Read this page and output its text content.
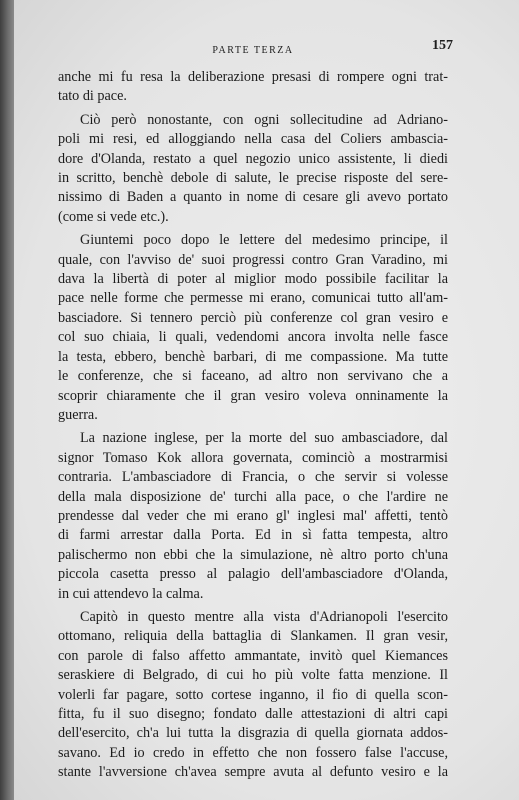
PARTE TERZA	157
anche mi fu resa la deliberazione presasi di rompere ogni trat-
tato di pace.
Ciò però nonostante, con ogni sollecitudine ad Adriano-
poli mi resi, ed alloggiando nella casa del Coliers ambascia-
dore d'Olanda, restato a quel negozio unico assistente, li diedi
in scritto, benchè debole di salute, le precise risposte del sere-
nissimo di Baden a quanto in nome di cesare gli avevo portato
(come si vede etc.).
Giuntemi poco dopo le lettere del medesimo principe, il
quale, con l'avviso de' suoi progressi contro Gran Varadino, mi
dava la libertà di poter al miglior modo possibile facilitar la
pace nelle forme che permesse mi erano, comunicai tutto all'am-
basciadore. Si tennero perciò più conferenze col gran vesiro e
col suo chiaia, li quali, vedendomi ancora involta nelle fasce
la testa, ebbero, benchè barbari, di me compassione. Ma tutte
le conferenze, che si faceano, ad altro non servivano che a
scoprir chiaramente che il gran vesiro voleva onninamente la
guerra.
La nazione inglese, per la morte del suo ambasciadore, dal
signor Tomaso Kok allora governata, cominciò a mostrarmisi
contraria. L'ambasciadore di Francia, o che servir si volesse
della mala disposizione de' turchi alla pace, o che l'ardire ne
prendesse dal veder che mi erano gl' inglesi mal' affetti, tentò
di farmi arrestar dalla Porta. Ed in sì fatta tempesta, altro
palischermo non ebbi che la simulazione, nè altro porto ch'una
piccola casetta presso al palagio dell'ambasciadore d'Olanda,
in cui attendevo la calma.
Capitò in questo mentre alla vista d'Adrianopoli l'esercito
ottomano, reliquia della battaglia di Slankamen. Il gran vesir,
con parole di falso affetto ammantate, invitò quel Kiemances
seraskiere di Belgrado, di cui ho più volte fatta menzione. Il
volerli far pagare, sotto cortese inganno, il fio di quella scon-
fitta, fu il suo disegno; fondato dalle attestazioni di altri capi
dell'esercito, ch'a lui tutta la disgrazia di quella giornata addos-
savano. Ed io credo in effetto che non fossero false l'accuse,
stante l'avversione ch'avea sempre avuta al defunto vesiro e la
